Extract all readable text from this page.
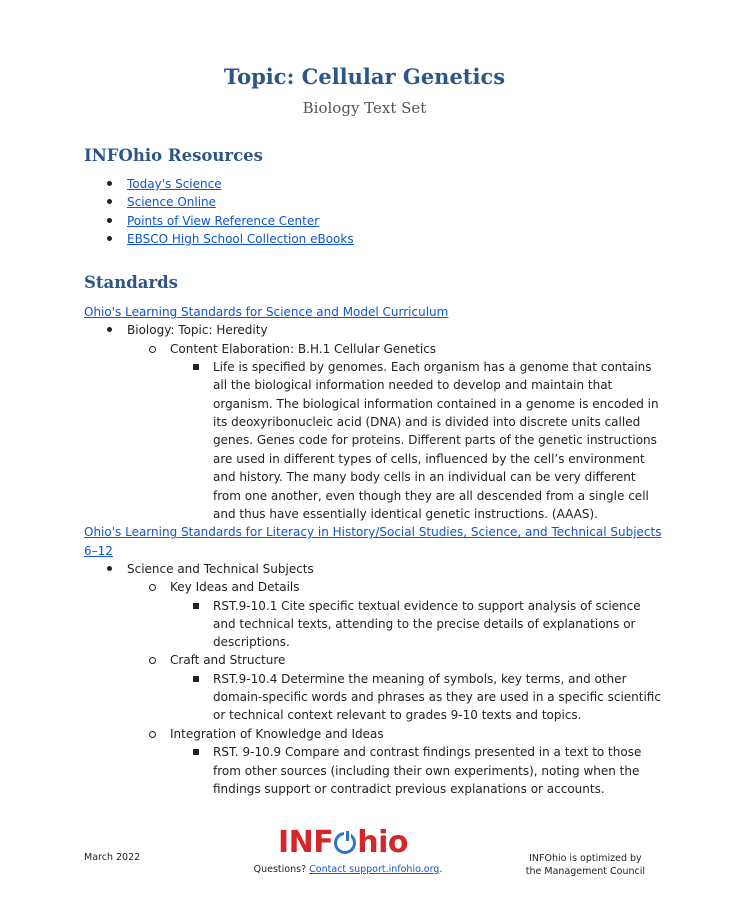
Topic: Cellular Genetics
Biology Text Set
INFOhio Resources
Today's Science
Science Online
Points of View Reference Center
EBSCO High School Collection eBooks
Standards
Ohio's Learning Standards for Science and Model Curriculum
Biology: Topic: Heredity
Content Elaboration: B.H.1 Cellular Genetics
Life is specified by genomes. Each organism has a genome that contains
all the biological information needed to develop and maintain that
organism. The biological information contained in a genome is encoded in
its deoxyribonucleic acid (DNA) and is divided into discrete units called
genes. Genes code for proteins. Different parts of the genetic instructions
are used in different types of cells, influenced by the cell’s environment
and history. The many body cells in an individual can be very different
from one another, even though they are all descended from a single cell
and thus have essentially identical genetic instructions. (AAAS).
Ohio's Learning Standards for Literacy in History/Social Studies, Science, and Technical Subjects
6–12
Science and Technical Subjects
Key Ideas and Details
RST.9-10.1 Cite specific textual evidence to support analysis of science
and technical texts, attending to the precise details of explanations or
descriptions.
Craft and Structure
RST.9-10.4 Determine the meaning of symbols, key terms, and other
domain-specific words and phrases as they are used in a specific scientific
or technical context relevant to grades 9-10 texts and topics.
Integration of Knowledge and Ideas
RST. 9-10.9 Compare and contrast findings presented in a text to those
from other sources (including their own experiments), noting when the
findings support or contradict previous explanations or accounts.
March 2022	INF hio
Questions? Contact support.infohio.org.
INFOhio is optimized by
the Management Council
